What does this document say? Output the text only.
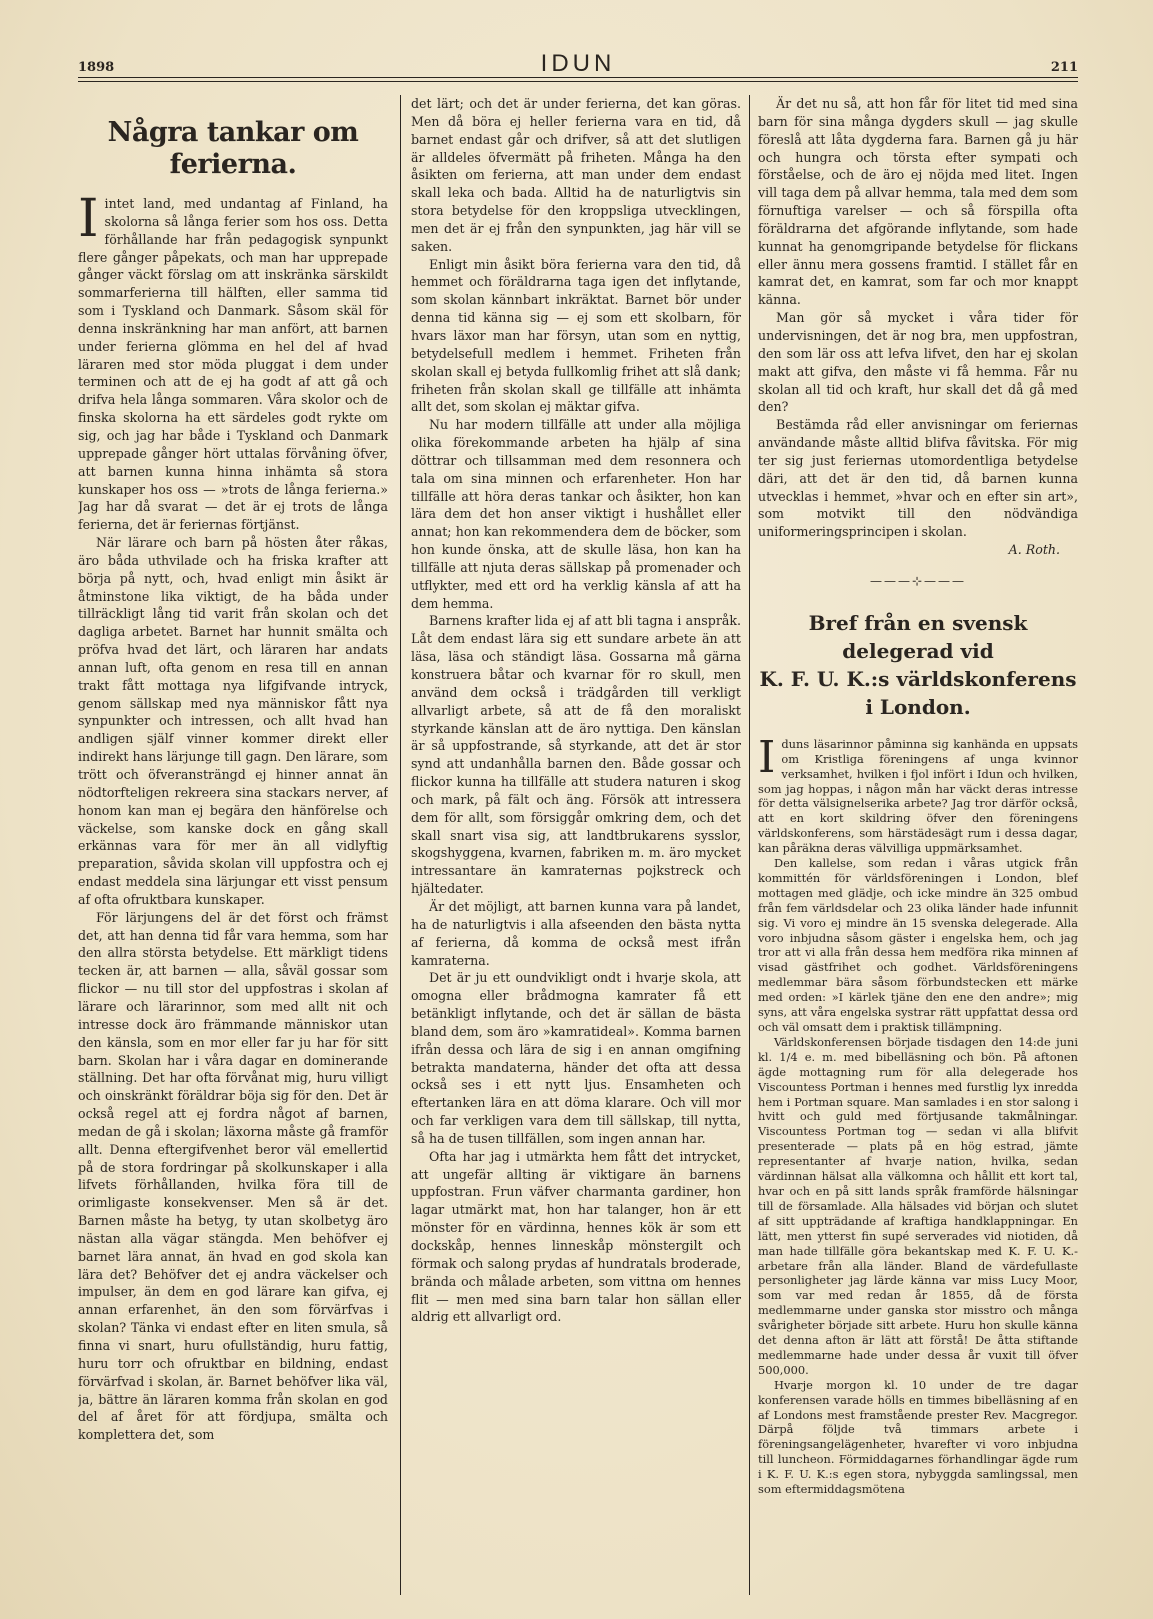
1898	IDUN	211
Några tankar om ferierna.

Iintet land, med undantag af Finland, ha skolorna så långa ferier som hos oss. Detta förhållande har från pedagogisk synpunkt flere gånger påpekats, och man har upprepade gånger väckt förslag om att inskränka särskildt sommarferierna till hälften, eller samma tid som i Tyskland och Danmark. Såsom skäl för denna inskränkning har man anfört, att barnen under ferierna glömma en hel del af hvad läraren med stor möda pluggat i dem under terminen och att de ej ha godt af att gå och drifva hela långa sommaren. Våra skolor och de finska skolorna ha ett särdeles godt rykte om sig, och jag har både i Tyskland och Danmark upprepade gånger hört uttalas förvåning öfver, att barnen kunna hinna inhämta så stora kunskaper hos oss — »trots de långa ferierna.» Jag har då svarat — det är ej trots de långa ferierna, det är feriernas förtjänst.

När lärare och barn på hösten åter råkas, äro båda uthvilade och ha friska krafter att börja på nytt, och, hvad enligt min åsikt är åtminstone lika viktigt, de ha båda under tillräckligt lång tid varit från skolan och det dagliga arbetet. Barnet har hunnit smälta och pröfva hvad det lärt, och läraren har andats annan luft, ofta genom en resa till en annan trakt fått mottaga nya lifgifvande intryck, genom sällskap med nya människor fått nya synpunkter och intressen, och allt hvad han andligen själf vinner kommer direkt eller indirekt hans lärjunge till gagn. Den lärare, som trött och öfveransträngd ej hinner annat än nödtorfteligen rekreera sina stackars nerver, af honom kan man ej begära den hänförelse och väckelse, som kanske dock en gång skall erkännas vara för mer än all vidlyftig preparation, såvida skolan vill uppfostra och ej endast meddela sina lärjungar ett visst pensum af ofta ofruktbara kunskaper.

För lärjungens del är det först och främst det, att han denna tid får vara hemma, som har den allra största betydelse. Ett märkligt tidens tecken är, att barnen — alla, såväl gossar som flickor — nu till stor del uppfostras i skolan af lärare och lärarinnor, som med allt nit och intresse dock äro främmande människor utan den känsla, som en mor eller far ju har för sitt barn. Skolan har i våra dagar en dominerande ställning. Det har ofta förvånat mig, huru villigt och oinskränkt föräldrar böja sig för den. Det är också regel att ej fordra något af barnen, medan de gå i skolan; läxorna måste gå framför allt. Denna eftergifvenhet beror väl emellertid på de stora fordringar på skolkunskaper i alla lifvets förhållanden, hvilka föra till de orimligaste konsekvenser. Men så är det. Barnen måste ha betyg, ty utan skolbetyg äro nästan alla vägar stängda. Men behöfver ej barnet lära annat, än hvad en god skola kan lära det? Behöfver det ej andra väckelser och impulser, än dem en god lärare kan gifva, ej annan erfarenhet, än den som förvärfvas i skolan? Tänka vi endast efter en liten smula, så finna vi snart, huru ofullständig, huru fattig, huru torr och ofruktbar en bildning, endast förvärfvad i skolan, är. Barnet behöfver lika väl, ja, bättre än läraren komma från skolan en god del af året för att fördjupa, smälta och komplettera det, som

det lärt; och det är under ferierna, det kan göras. Men då böra ej heller ferierna vara en tid, då barnet endast går och drifver, så att det slutligen är alldeles öfvermätt på friheten. Många ha den åsikten om ferierna, att man under dem endast skall leka och bada. Alltid ha de naturligtvis sin stora betydelse för den kroppsliga utvecklingen, men det är ej från den synpunkten, jag här vill se saken.

Enligt min åsikt böra ferierna vara den tid, då hemmet och föräldrarna taga igen det inflytande, som skolan kännbart inkräktat. Barnet bör under denna tid känna sig — ej som ett skolbarn, för hvars läxor man har försyn, utan som en nyttig, betydelsefull medlem i hemmet. Friheten från skolan skall ej betyda fullkomlig frihet att slå dank; friheten från skolan skall ge tillfälle att inhämta allt det, som skolan ej mäktar gifva.

Nu har modern tillfälle att under alla möjliga olika förekommande arbeten ha hjälp af sina döttrar och tillsamman med dem resonnera och tala om sina minnen och erfarenheter. Hon har tillfälle att höra deras tankar och åsikter, hon kan lära dem det hon anser viktigt i hushållet eller annat; hon kan rekommendera dem de böcker, som hon kunde önska, att de skulle läsa, hon kan ha tillfälle att njuta deras sällskap på promenader och utflykter, med ett ord ha verklig känsla af att ha dem hemma.

Barnens krafter lida ej af att bli tagna i anspråk. Låt dem endast lära sig ett sundare arbete än att läsa, läsa och ständigt läsa. Gossarna må gärna konstruera båtar och kvarnar för ro skull, men använd dem också i trädgården till verkligt allvarligt arbete, så att de få den moraliskt styrkande känslan att de äro nyttiga. Den känslan är så uppfostrande, så styrkande, att det är stor synd att undanhålla barnen den. Både gossar och flickor kunna ha tillfälle att studera naturen i skog och mark, på fält och äng. Försök att intressera dem för allt, som försiggår omkring dem, och det skall snart visa sig, att landtbrukarens sysslor, skogshyggena, kvarnen, fabriken m. m. äro mycket intressantare än kamraternas pojkstreck och hjältedater.

Är det möjligt, att barnen kunna vara på landet, ha de naturligtvis i alla afseenden den bästa nytta af ferierna, då komma de också mest ifrån kamraterna.

Det är ju ett oundvikligt ondt i hvarje skola, att omogna eller brådmogna kamrater få ett betänkligt inflytande, och det är sällan de bästa bland dem, som äro »kamratideal». Komma barnen ifrån dessa och lära de sig i en annan omgifning betrakta mandaterna, händer det ofta att dessa också ses i ett nytt ljus. Ensamheten och eftertanken lära en att döma klarare. Och vill mor och far verkligen vara dem till sällskap, till nytta, så ha de tusen tillfällen, som ingen annan har.

Ofta har jag i utmärkta hem fått det intrycket, att ungefär allting är viktigare än barnens uppfostran. Frun väfver charmanta gardiner, hon lagar utmärkt mat, hon har talanger, hon är ett mönster för en värdinna, hennes kök är som ett dockskåp, hennes linneskåp mönstergilt och förmak och salong prydas af hundratals broderade, brända och målade arbeten, som vittna om hennes flit — men med sina barn talar hon sällan eller aldrig ett allvarligt ord.

Är det nu så, att hon får för litet tid med sina barn för sina många dygders skull — jag skulle föreslå att låta dygderna fara. Barnen gå ju här och hungra och törsta efter sympati och förståelse, och de äro ej nöjda med litet. Ingen vill taga dem på allvar hemma, tala med dem som förnuftiga varelser — och så förspilla ofta föräldrarna det afgörande inflytande, som hade kunnat ha genomgripande betydelse för flickans eller ännu mera gossens framtid. I stället får en kamrat det, en kamrat, som far och mor knappt känna.

Man gör så mycket i våra tider för undervisningen, det är nog bra, men uppfostran, den som lär oss att lefva lifvet, den har ej skolan makt att gifva, den måste vi få hemma. Får nu skolan all tid och kraft, hur skall det då gå med den?

Bestämda råd eller anvisningar om feriernas användande måste alltid blifva fåvitska. För mig ter sig just feriernas utomordentliga betydelse däri, att det är den tid, då barnen kunna utvecklas i hemmet, »hvar och en efter sin art», som motvikt till den nödvändiga uniformeringsprincipen i skolan.

A. Roth.
———⊹———
Bref från en svensk delegerad vid
K. F. U. K.:s världskonferens
i London.

Iduns läsarinnor påminna sig kanhända en uppsats om Kristliga föreningens af unga kvinnor verksamhet, hvilken i fjol infört i Idun och hvilken, som jag hoppas, i någon mån har väckt deras intresse för detta välsignelserika arbete? Jag tror därför också, att en kort skildring öfver den föreningens världskonferens, som härstädesägt rum i dessa dagar, kan påräkna deras välvilliga uppmärksamhet.

Den kallelse, som redan i våras utgick från kommittén för världsföreningen i London, blef mottagen med glädje, och icke mindre än 325 ombud från fem världsdelar och 23 olika länder hade infunnit sig. Vi voro ej mindre än 15 svenska delegerade. Alla voro inbjudna såsom gäster i engelska hem, och jag tror att vi alla från dessa hem medföra rika minnen af visad gästfrihet och godhet. Världsföreningens medlemmar bära såsom förbundstecken ett märke med orden: »I kärlek tjäne den ene den andre»; mig syns, att våra engelska systrar rätt uppfattat dessa ord och väl omsatt dem i praktisk tillämpning.

Världskonferensen började tisdagen den 14:de juni kl. 1/4 e. m. med bibelläsning och bön. På aftonen ägde mottagning rum för alla delegerade hos Viscountess Portman i hennes med furstlig lyx inredda hem i Portman square. Man samlades i en stor salong i hvitt och guld med förtjusande takmålningar. Viscountess Portman tog — sedan vi alla blifvit presenterade — plats på en hög estrad, jämte representanter af hvarje nation, hvilka, sedan värdinnan hälsat alla välkomna och hållit ett kort tal, hvar och en på sitt lands språk framförde hälsningar till de församlade. Alla hälsades vid början och slutet af sitt uppträdande af kraftiga handklappningar. En lätt, men ytterst fin supé serverades vid niotiden, då man hade tillfälle göra bekantskap med K. F. U. K.-arbetare från alla länder. Bland de värdefullaste personligheter jag lärde känna var miss Lucy Moor, som var med redan år 1855, då de första medlemmarne under ganska stor misstro och många svårigheter började sitt arbete. Huru hon skulle känna det denna afton är lätt att förstå! De åtta stiftande medlemmarne hade under dessa år vuxit till öfver 500,000.

Hvarje morgon kl. 10 under de tre dagar konferensen varade hölls en timmes bibelläsning af en af Londons mest framstående prester Rev. Macgregor. Därpå följde två timmars arbete i föreningsangelägenheter, hvarefter vi voro inbjudna till luncheon. Förmiddagarnes förhandlingar ägde rum i K. F. U. K.:s egen stora, nybyggda samlingssal, men som eftermiddagsmötena
